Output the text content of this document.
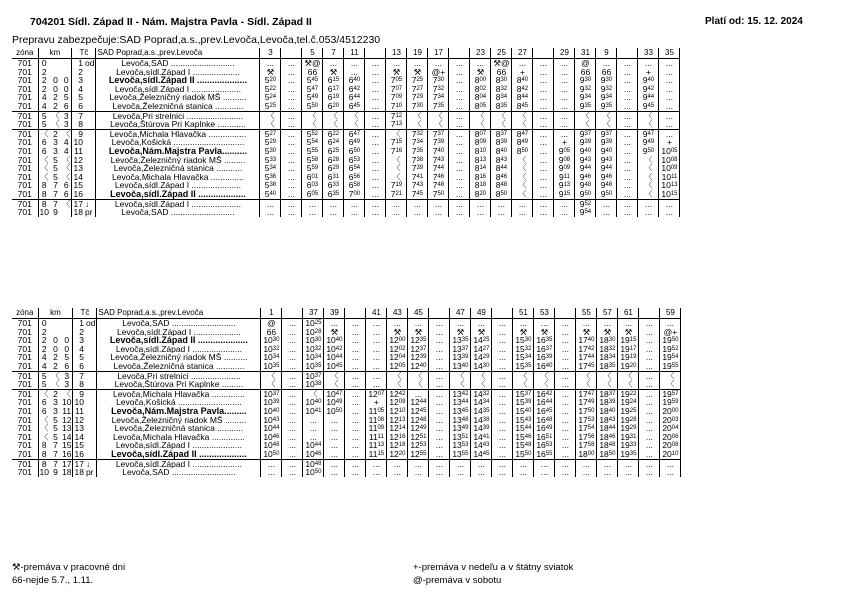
704201 Sídl. Západ II - Nám. Majstra Pavla - Sídl. Západ II	Platí od: 15. 12. 2024
Prepravu zabezpečuje:SAD Poprad,a.s.,prev.Levoča,Levoča,tel.č.053/4512230
zóna	km			Tč		SAD Poprad,a.s.,prev.Levoča	3		5	7	11		13	19	17		23	25	27		29	31	9		33	35
701	0			1	od	Levoča,SAD ...........................	...	...	⚒@	...	...	...	...	...	...	...	...	⚒@	...	...	...	@	...	...	...	...
701	2			2		Levoča,sídl.Západ I ....................	⚒	...	66	⚒	...	...	⚒	⚒	@+	...	⚒	66	+	...	...	66	66	...	+	...
701	2	0	0	3		Levoča,sídl.Západ II ....................	$5^{20}$	...	$5^{45}$	$6^{15}$	$6^{40}$	...	$7^{05}$	$7^{25}$	$7^{30}$	...	$8^{00}$	$8^{30}$	$8^{40}$	...	...	$9^{30}$	$9^{30}$	...	$9^{40}$	...
701	2	0	0	4		Levoča,sídl.Západ I .....................	$5^{22}$	...	$5^{47}$	$6^{17}$	$6^{42}$	...	$7^{07}$	$7^{27}$	$7^{32}$	...	$8^{02}$	$8^{32}$	$8^{42}$	...	...	$9^{32}$	$9^{32}$	...	$9^{42}$	...
701	4	2	5	5		Levoča,Železničný riadok MŠ ..........	$5^{24}$	...	$5^{49}$	$6^{19}$	$6^{44}$	...	$7^{09}$	$7^{29}$	$7^{34}$	...	$8^{04}$	$8^{34}$	$8^{44}$	...	...	$9^{34}$	$9^{34}$	...	$9^{44}$	...
701	4	2	6	6		Levoča,Železničná stanica ............	$5^{25}$	...	$5^{50}$	$6^{20}$	$6^{45}$	...	$7^{10}$	$7^{30}$	$7^{35}$	...	$8^{05}$	$8^{35}$	$8^{45}$	...	...	$9^{35}$	$9^{35}$	...	$9^{45}$	...
701	5	〈	3	7		Levoča,Pri strelnici ........................	〈	...	〈	〈	〈	...	$7^{12}$	〈	〈	...	〈	〈	〈	...	...	〈	〈	...	〈	...
701	5	〈	3	8		Levoča,Štúrova Pri Kaplnke ............	〈	...	〈	〈	〈	...	$7^{13}$	〈	〈	...	〈	〈	〈	...	...	〈	〈	...	〈	...
701	〈	2	〈	9		Levoča,Michala Hlavačka ................	$5^{27}$	...	$5^{52}$	$6^{22}$	$6^{47}$	...	〈	$7^{32}$	$7^{37}$	...	$8^{07}$	$8^{37}$	$8^{47}$	...	...	$9^{37}$	$9^{37}$	...	$9^{47}$	...
701	6	3	4	10		Levoča,Košická ..............................	$5^{29}$	...	$5^{54}$	$6^{24}$	$6^{49}$	...	$7^{15}$	$7^{34}$	$7^{39}$	...	$8^{09}$	$8^{39}$	$8^{49}$	...	+	$9^{39}$	$9^{39}$	...	$9^{49}$	+
701	6	3	4	11		Levoča,Nám.Majstra Pavla..........	$5^{30}$	...	$5^{55}$	$6^{25}$	$6^{50}$	...	$7^{16}$	$7^{35}$	$7^{40}$	...	$8^{10}$	$8^{40}$	$8^{50}$	...	$9^{05}$	$9^{40}$	$9^{40}$	...	$9^{50}$	$10^{05}$
701	〈	5	〈	12		Levoča,Železničný riadok MŠ .........	$5^{33}$	...	$5^{58}$	$6^{28}$	$6^{53}$	...	〈	$7^{38}$	$7^{43}$	...	$8^{13}$	$8^{43}$	〈	...	$9^{08}$	$9^{43}$	$9^{43}$	...	〈	$10^{08}$
701	〈	5	〈	13		Levoča,Železničná stanica ...........	$5^{34}$	...	$5^{59}$	$6^{29}$	$6^{54}$	...	〈	$7^{39}$	$7^{44}$	...	$8^{14}$	$8^{44}$	〈	...	$9^{09}$	$9^{44}$	$9^{44}$	...	〈	$10^{09}$
701	〈	5	〈	14		Levoča,Michala Hlavačka ..............	$5^{36}$	...	$6^{01}$	$6^{31}$	$6^{56}$	...	〈	$7^{41}$	$7^{46}$	...	$8^{16}$	$8^{46}$	〈	...	$9^{11}$	$9^{46}$	$9^{46}$	...	〈	$10^{11}$
701	8	7	6	15		Levoča,sídl.Západ I .....................	$5^{38}$	...	$6^{03}$	$6^{33}$	$6^{58}$	...	$7^{19}$	$7^{43}$	$7^{48}$	...	$8^{18}$	$8^{48}$	〈	...	$9^{13}$	$9^{48}$	$9^{48}$	...	〈	$10^{13}$
701	8	7	6	16		Levoča,sídl.Západ II ...................	$5^{40}$	...	$6^{05}$	$6^{35}$	$7^{00}$	...	$7^{21}$	$7^{45}$	$7^{50}$	...	$8^{20}$	$8^{50}$	〈	...	$9^{15}$	$9^{50}$	$9^{50}$	...	〈	$10^{15}$
701	8	7	〈	17	↓	Levoča,sídl.Západ I .....................	...	...	...	...	...	...	...	...	...	...	...	...	...	...	...	$9^{52}$	...	...	...	...
701	10	9		18	pr	Levoča,SAD ...........................	...	...	...	...	...	...	...	...	...	...	...	...	...	...	...	$9^{54}$	...	...	...	...
zóna	km			Tč		SAD Poprad,a.s.,prev.Levoča	1		37	39		41	43	45		47	49		51	53		55	57	61		59
701	0			1	od	Levoča,SAD ...........................	@	...	$10^{25}$	...	...	...	...	...	...	...	...	...	...	...	...	...	...	...	...	...
701	2			2		Levoča,sídl.Západ I ....................	66	...	$10^{28}$	⚒	...	...	⚒	⚒	...	⚒	⚒	...	⚒	⚒	...	⚒	⚒	⚒	...	@+
701	2	0	0	3		Levoča,sídl.Západ II ....................	$10^{30}$	...	$10^{30}$	$10^{40}$	...	...	$12^{00}$	$12^{35}$	...	$13^{35}$	$14^{25}$	...	$15^{30}$	$16^{35}$	...	$17^{40}$	$18^{30}$	$19^{15}$	...	$19^{50}$
701	2	0	0	4		Levoča,sídl.Západ I .....................	$10^{32}$	...	$10^{32}$	$10^{42}$	...	...	$12^{02}$	$12^{37}$	...	$13^{37}$	$14^{27}$	...	$15^{32}$	$16^{37}$	...	$17^{42}$	$18^{32}$	$19^{17}$	...	$19^{52}$
701	4	2	5	5		Levoča,Železničný riadok MŠ ..........	$10^{34}$	...	$10^{34}$	$10^{44}$	...	...	$12^{04}$	$12^{39}$	...	$13^{39}$	$14^{29}$	...	$15^{34}$	$16^{39}$	...	$17^{44}$	$18^{34}$	$19^{19}$	...	$19^{54}$
701	4	2	6	6		Levoča,Železničná stanica ............	$10^{35}$	...	$10^{35}$	$10^{45}$	...	...	$12^{05}$	$12^{40}$	...	$13^{40}$	$14^{30}$	...	$15^{35}$	$16^{40}$	...	$17^{45}$	$18^{35}$	$19^{20}$	...	$19^{55}$
701	5	〈	3	7		Levoča,Pri strelnici .....................	〈	...	$10^{37}$	〈	...	...	〈	〈	...	〈	〈	...	〈	〈	...	〈	〈	〈	...	〈
701	5	〈	3	8		Levoča,Štúrova Pri Kaplnke .........	〈	...	$10^{38}$	〈	...	...	〈	〈	...	〈	〈	...	〈	〈	...	〈	〈	〈	...	〈
701	〈	2	〈	9		Levoča,Michala Hlavačka ..............	$10^{37}$	...	〈	$10^{47}$	...	$12^{07}$	$12^{42}$	...	...	$13^{42}$	$14^{32}$	...	$15^{37}$	$16^{42}$	...	$17^{47}$	$18^{37}$	$19^{22}$	...	$19^{57}$
701	6	3	10	10		Levoča,Košická ...........................	$10^{39}$	...	$10^{40}$	$10^{49}$	...	+	$12^{09}$	$12^{44}$	...	$13^{44}$	$14^{34}$	...	$15^{39}$	$16^{44}$	...	$17^{49}$	$18^{39}$	$19^{24}$	...	$19^{59}$
701	6	3	11	11		Levoča,Nám.Majstra Pavla.........	$10^{40}$	...	$10^{41}$	$10^{50}$	...	$11^{05}$	$12^{10}$	$12^{45}$	...	$13^{45}$	$14^{35}$	...	$15^{40}$	$16^{45}$	...	$17^{50}$	$18^{40}$	$19^{25}$	...	$20^{00}$
701	〈	5	12	12		Levoča,Železničný riadok MŠ .........	$10^{43}$	...	...	...	...	$11^{08}$	$12^{13}$	$12^{48}$	...	$13^{48}$	$14^{38}$	...	$15^{43}$	$16^{48}$	...	$17^{53}$	$18^{43}$	$19^{28}$	...	$20^{03}$
701	〈	5	13	13		Levoča,Železničná stanica ...........	$10^{44}$	...	...	...	...	$11^{09}$	$12^{14}$	$12^{49}$	...	$13^{49}$	$14^{39}$	...	$15^{44}$	$16^{49}$	...	$17^{54}$	$18^{44}$	$19^{29}$	...	$20^{04}$
701	〈	5	14	14		Levoča,Michala Hlavačka ..............	$10^{46}$	...	...	...	...	$11^{11}$	$12^{16}$	$12^{51}$	...	$13^{51}$	$14^{41}$	...	$15^{46}$	$16^{51}$	...	$17^{56}$	$18^{46}$	$19^{31}$	...	$20^{06}$
701	8	7	15	15		Levoča,sídl.Západ I .....................	$10^{48}$	...	$10^{44}$	...	...	$11^{13}$	$12^{18}$	$12^{53}$	...	$13^{53}$	$14^{43}$	...	$15^{48}$	$16^{53}$	...	$17^{58}$	$18^{48}$	$19^{33}$	...	$20^{08}$
701	8	7	16	16		Levoča,sídl.Západ II ...................	$10^{50}$	...	$10^{46}$	...	...	$11^{15}$	$12^{20}$	$12^{55}$	...	$13^{55}$	$14^{45}$	...	$15^{50}$	$16^{55}$	...	$18^{00}$	$18^{50}$	$19^{35}$	...	$20^{10}$
701	8	7	17	17	↓	Levoča,sídl.Západ I .....................	...	...	$10^{48}$	...	...	...	...	...	...	...	...	...	...	...	...	...	...	...	...	...
701	10	9	18	18	pr	Levoča,SAD ...........................	...	...	$10^{50}$	...	...	...	...	...	...	...	...	...	...	...	...	...	...	...	...	...
⚒-premáva v pracovné dni
66-nejde 5.7., 1.11.
+-premáva v nedeľu a v štátny sviatok
@-premáva v sobotu
